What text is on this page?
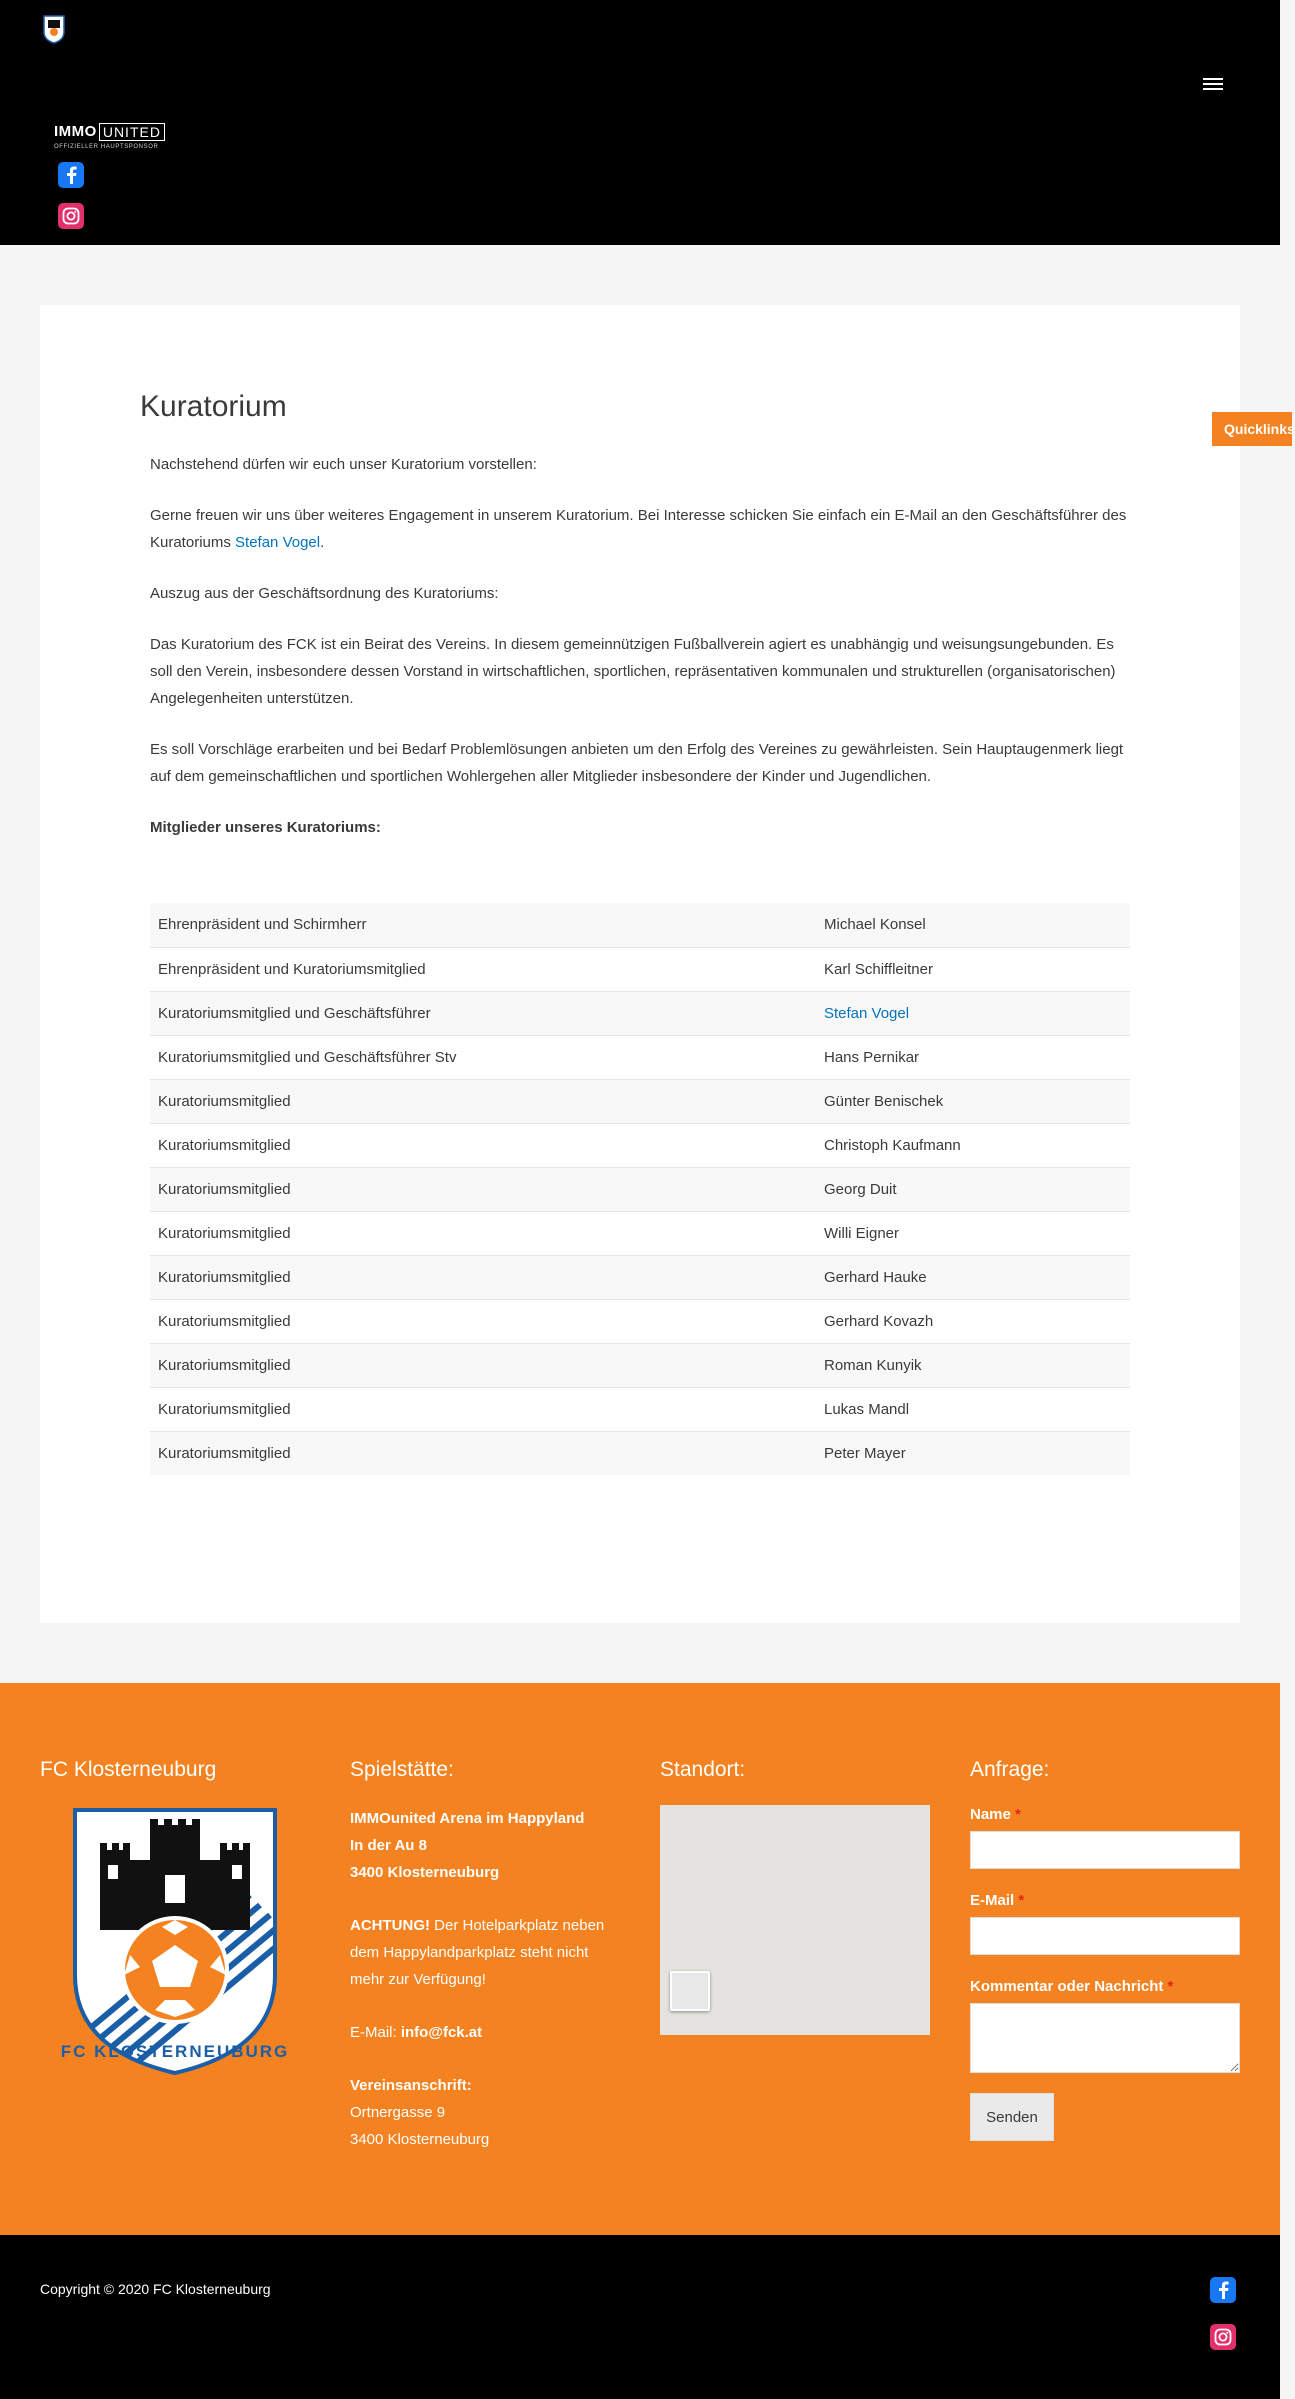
IMMO UNITED
OFFIZIELLER HAUPTSPONSOR
Quicklinks
Kuratorium

Nachstehend dürfen wir euch unser Kuratorium vorstellen:

Gerne freuen wir uns über weiteres Engagement in unserem Kuratorium. Bei Interesse schicken Sie einfach ein E-Mail an den Geschäftsführer des Kuratoriums Stefan Vogel.

Auszug aus der Geschäftsordnung des Kuratoriums:

Das Kuratorium des FCK ist ein Beirat des Vereins. In diesem gemeinnützigen Fußballverein agiert es unabhängig und weisungsungebunden. Es soll den Verein, insbesondere dessen Vorstand in wirtschaftlichen, sportlichen, repräsentativen kommunalen und strukturellen (organisatorischen) Angelegenheiten unterstützen.

Es soll Vorschläge erarbeiten und bei Bedarf Problemlösungen anbieten um den Erfolg des Vereines zu gewährleisten. Sein Hauptaugenmerk liegt auf dem gemeinschaftlichen und sportlichen Wohlergehen aller Mitglieder insbesondere der Kinder und Jugendlichen.

Mitglieder unseres Kuratoriums:

Ehrenpräsident und Schirmherr	Michael Konsel
Ehrenpräsident und Kuratoriumsmitglied	Karl Schiffleitner
Kuratoriumsmitglied und Geschäftsführer	Stefan Vogel
Kuratoriumsmitglied und Geschäftsführer Stv	Hans Pernikar
Kuratoriumsmitglied	Günter Benischek
Kuratoriumsmitglied	Christoph Kaufmann
Kuratoriumsmitglied	Georg Duit
Kuratoriumsmitglied	Willi Eigner
Kuratoriumsmitglied	Gerhard Hauke
Kuratoriumsmitglied	Gerhard Kovazh
Kuratoriumsmitglied	Roman Kunyik
Kuratoriumsmitglied	Lukas Mandl
Kuratoriumsmitglied	Peter Mayer
FC Klosterneuburg
FC KLOSTERNEUBURG
Spielstätte:

IMMOunited Arena im Happyland
In der Au 8
3400 Klosterneuburg

ACHTUNG! Der Hotelparkplatz neben dem Happylandparkplatz steht nicht mehr zur Verfügung!

E-Mail: info@fck.at

Vereinsanschrift:
Ortnergasse 9
3400 Klosterneuburg

Standort:	Anfrage:
Name *
E-Mail *
Kommentar oder Nachricht *
Senden
Copyright © 2020 FC Klosterneuburg
